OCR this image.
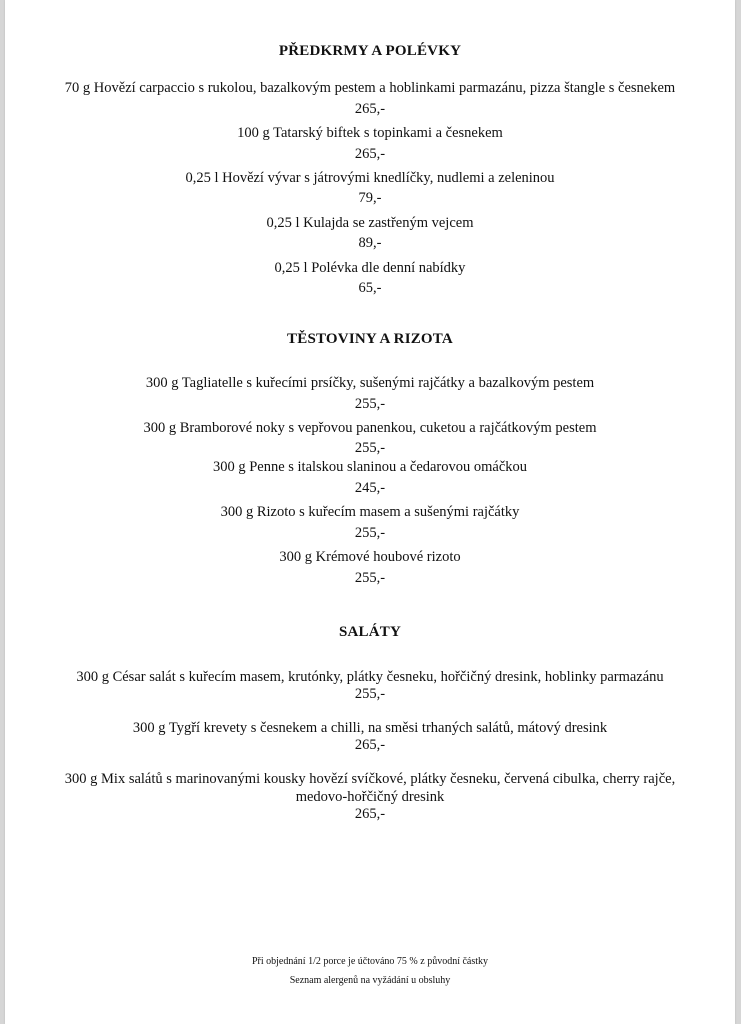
PŘEDKRMY A POLÉVKY
70 g Hovězí carpaccio s rukolou, bazalkovým pestem a hoblinkami parmazánu, pizza štangle s česnekem
265,-
100 g Tatarský biftek s topinkami a česnekem
265,-
0,25 l Hovězí vývar s játrovými knedlíčky, nudlemi a zeleninou
79,-
0,25 l Kulajda se zastřeným vejcem
89,-
0,25 l Polévka dle denní nabídky
65,-
TĚSTOVINY A RIZOTA
300 g Tagliatelle s kuřecími prsíčky, sušenými rajčátky a bazalkovým pestem
255,-
300 g Bramborové noky s vepřovou panenkou, cuketou a rajčátkovým pestem
255,-
300 g Penne s italskou slaninou a čedarovou omáčkou
245,-
300 g Rizoto s kuřecím masem a sušenými rajčátky
255,-
300 g Krémové houbové rizoto
255,-
SALÁTY
300 g César salát s kuřecím masem, krutónky, plátky česneku, hořčičný dresink, hoblinky parmazánu
255,-
300 g Tygří krevety s česnekem a chilli, na směsi trhaných salátů, mátový dresink
265,-
300 g Mix salátů s marinovanými kousky hovězí svíčkové, plátky česneku, červená cibulka, cherry rajče,
medovo-hořčičný dresink
265,-
Při objednání 1/2 porce je účtováno 75 % z původní částky
Seznam alergenů na vyžádání u obsluhy
